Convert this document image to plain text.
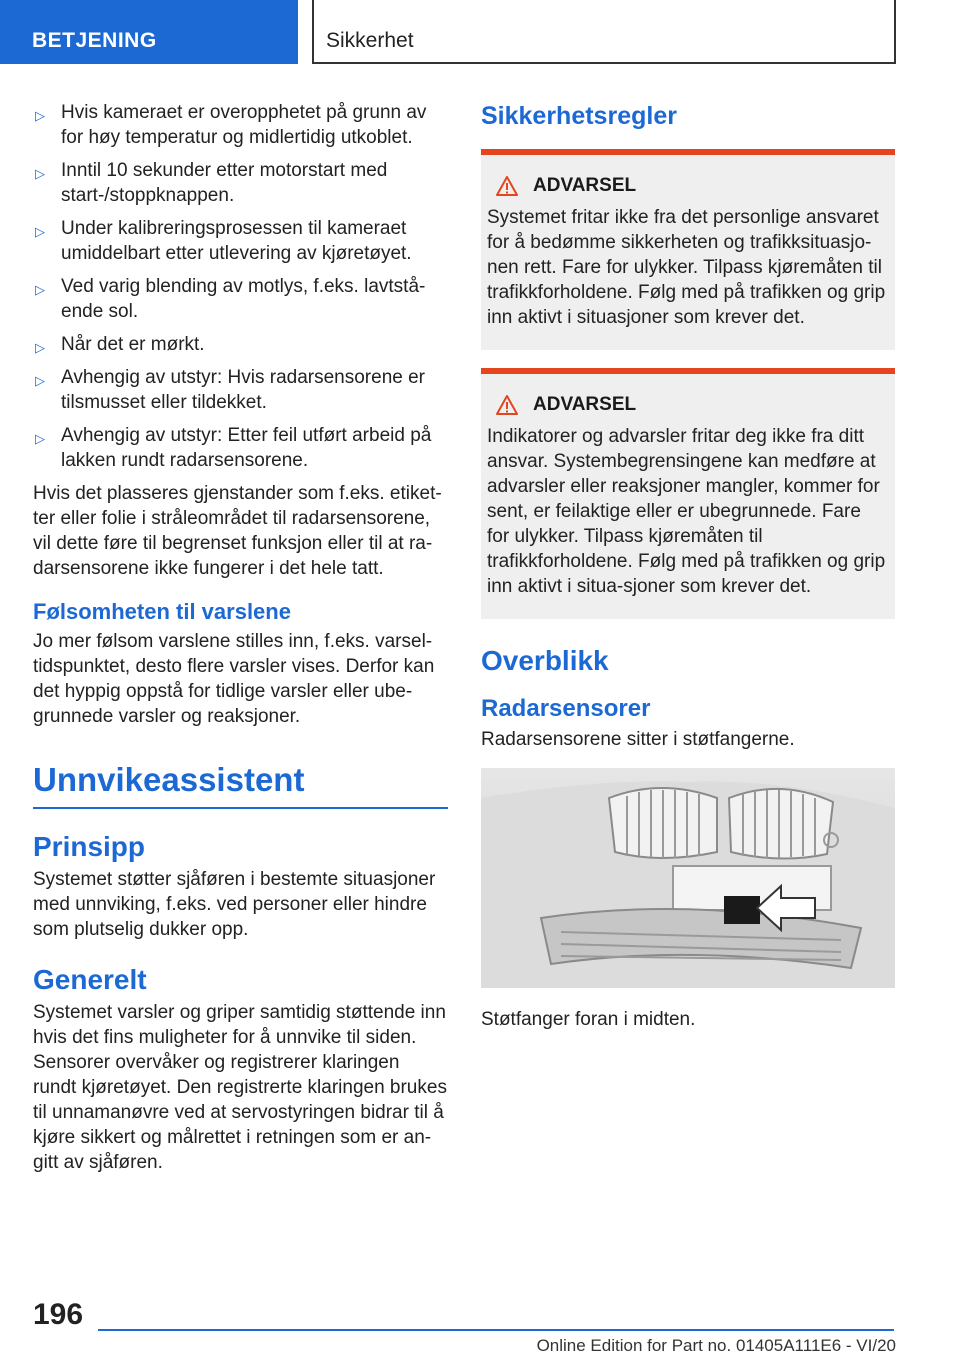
BETJENING	Sikkerhet
▷ Hvis kameraet er overopphetet på grunn av for høy temperatur og midlertidig utkoblet.
▷ Inntil 10 sekunder etter motorstart med start-/stoppknappen.
▷ Under kalibreringsprosessen til kameraet umiddelbart etter utlevering av kjøretøyet.
▷ Ved varig blending av motlys, f.eks. lavtstå-ende sol.
▷ Når det er mørkt.
▷ Avhengig av utstyr: Hvis radarsensorene er tilsmusset eller tildekket.
▷ Avhengig av utstyr: Etter feil utført arbeid på lakken rundt radarsensorene.

Hvis det plasseres gjenstander som f.eks. etiket-ter eller folie i stråleområdet til radarsensorene, vil dette føre til begrenset funksjon eller til at ra-darsensorene ikke fungerer i det hele tatt.

Følsomheten til varslene

Jo mer følsom varslene stilles inn, f.eks. varsel-tidspunktet, desto flere varsler vises. Derfor kan det hyppig oppstå for tidlige varsler eller ube-grunnede varsler og reaksjoner.

Unnvikeassistent
Prinsipp

Systemet støtter sjåføren i bestemte situasjoner med unnviking, f.eks. ved personer eller hindre som plutselig dukker opp.

Generelt

Systemet varsler og griper samtidig støttende inn hvis det fins muligheter for å unnvike til siden. Sensorer overvåker og registrerer klaringen rundt kjøretøyet. Den registrerte klaringen brukes til unnamanøvre ved at servostyringen bidrar til å kjøre sikkert og målrettet i retningen som er an-gitt av sjåføren.

Sikkerhetsregler
ADVARSEL

Systemet fritar ikke fra det personlige ansvaret for å bedømme sikkerheten og trafikksituasjo-nen rett. Fare for ulykker. Tilpass kjøremåten til trafikkforholdene. Følg med på trafikken og grip inn aktivt i situasjoner som krever det.

ADVARSEL

Indikatorer og advarsler fritar deg ikke fra ditt ansvar. Systembegrensingene kan medføre at advarsler eller reaksjoner mangler, kommer for sent, er feilaktige eller er ubegrunnede. Fare for ulykker. Tilpass kjøremåten til trafikkforholdene. Følg med på trafikken og grip inn aktivt i situa-sjoner som krever det.

Overblikk
Radarsensorer

Radarsensorene sitter i støtfangerne.

Støtfanger foran i midten.

196
Online Edition for Part no. 01405A111E6 - VI/20
